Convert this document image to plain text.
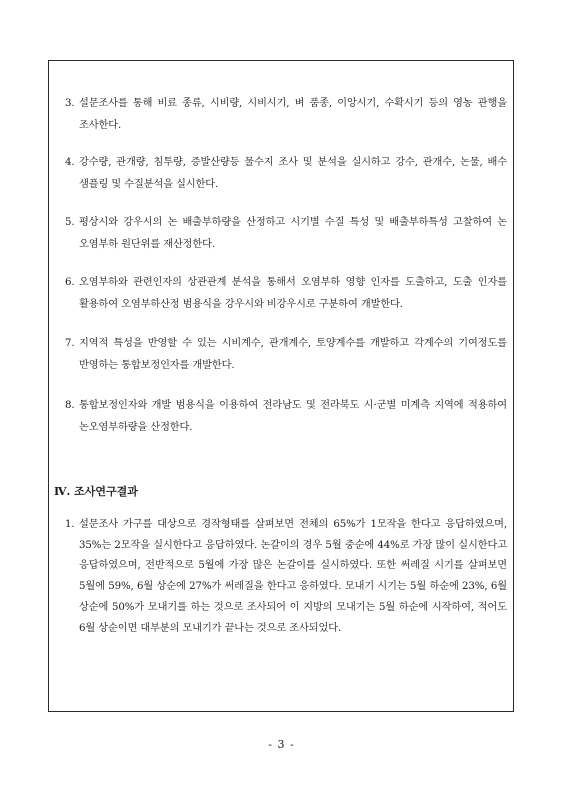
3. 설문조사를 통해 비료 종류, 시비량, 시비시기, 벼 품종, 이앙시기, 수확시기 등의 영농 관행을 조사한다.
4. 강수량, 관개량, 침투량, 증발산량등 물수지 조사 및 분석을 실시하고 강수, 관개수, 논물, 배수 샘플링 및 수질분석을 실시한다.
5. 평상시와 강우시의 논 배출부하량을 산정하고 시기별 수질 특성 및 배출부하특성 고찰하여 논 오염부하 원단위를 재산정한다.
6. 오염부하와 관련인자의 상관관계 분석을 통해서 오염부하 영향 인자를 도출하고, 도출 인자를 활용하여 오염부하산정 범용식을 강우시와 비강우시로 구분하여 개발한다.
7. 지역적 특성을 반영할 수 있는 시비계수, 관개계수, 토양계수를 개발하고 각계수의 기여정도를 반영하는 통합보정인자를 개발한다.
8. 통합보정인자와 개발 범용식을 이용하여 전라남도 및 전라북도 시·군별 미계측 지역에 적용하여 논오염부하량을 산정한다.
Ⅳ. 조사연구결과
1. 설문조사 가구를 대상으로 경작형태를 살펴보면 전체의 65%가 1모작을 한다고 응답하였으며, 35%는 2모작을 실시한다고 응답하였다. 논갈이의 경우 5월 중순에 44%로 가장 많이 실시한다고 응답하였으며, 전반적으로 5월에 가장 많은 논갈이를 실시하였다. 또한 써레질 시기를 살펴보면 5월에 59%, 6월 상순에 27%가 써레질을 한다고 응하였다. 모내기 시기는 5월 하순에 23%, 6월 상순에 50%가 모내기를 하는 것으로 조사되어 이 지방의 모내기는 5월 하순에 시작하여, 적어도 6월 상순이면 대부분의 모내기가 끝나는 것으로 조사되었다.
- 3 -
